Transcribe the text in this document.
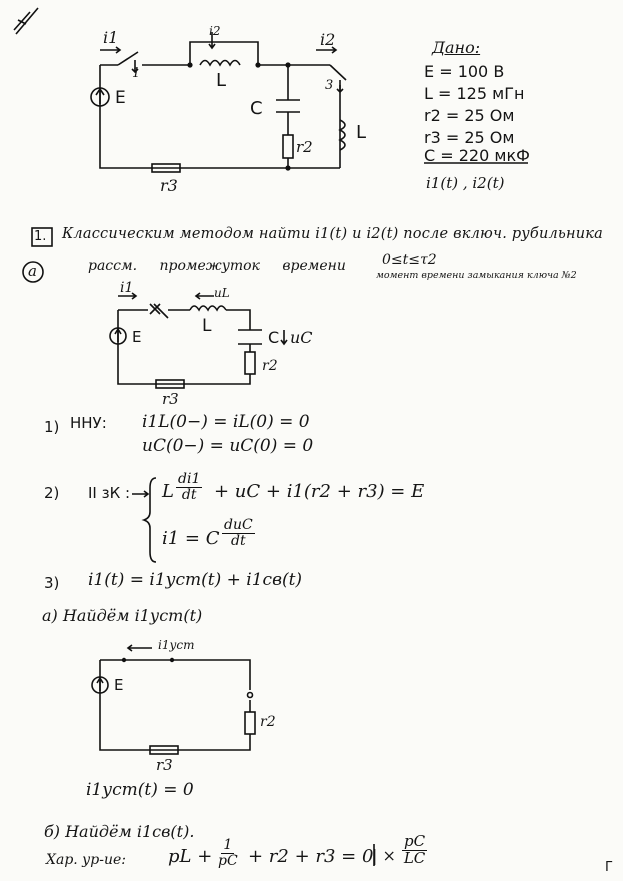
i1	i2	i2
1
3
E
L
C
L
r2
r3
Дано:
E = 100 В
L = 125 мГн
r2 = 25 Ом
r3 = 25 Ом
C = 220 мкФ
i1(t) , i2(t)
1. Классическим методом найти i1(t) и i2(t) после включ. рубильника
a	рассм. промежуток времени	0≤t≤τ2
момент времени замыкания ключа №2
i1	uL
E
L
C uC
r2
r3
1) ННУ: i1L(0−) = iL(0) = 0
uC(0−) = uC(0) = 0
2) II зК : L $\frac{di1}{dt}$ + uC + i1(r2 + r3) = E
i1 = C
duC
dt
3) i1(t) = i1уст(t) + i1св(t)
а) Найдём i1уст(t)
i1уст
E
r2
r3
i1уст(t) = 0
б) Найдём i1св(t).
Хар. ур-ие: pL + $\frac{1}{pC} + r2 + r3 = 0$
| × $\frac{pC}{LC}$
Г
